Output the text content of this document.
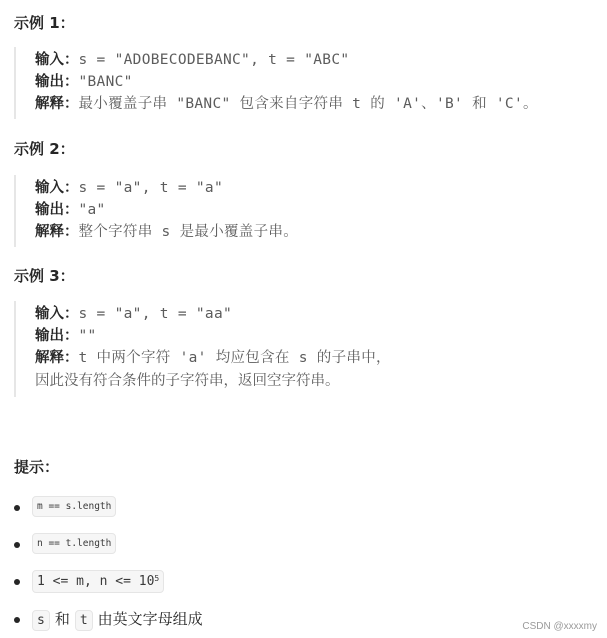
示例 1：
输入：s = "ADOBECODEBANC", t = "ABC"
输出："BANC"
解释：最小覆盖子串 "BANC" 包含来自字符串 t 的 'A'、'B' 和 'C'。
示例 2：
输入：s = "a", t = "a"
输出："a"
解释：整个字符串 s 是最小覆盖子串。
示例 3：
输入：s = "a", t = "aa"
输出：""
解释：t 中两个字符 'a' 均应包含在 s 的子串中，
因此没有符合条件的子字符串，返回空字符串。
提示：
m == s.length
n == t.length
1 <= m, $n <= 10^5$
s 和 t 由英文字母组成	CSDN @xxxxmy
